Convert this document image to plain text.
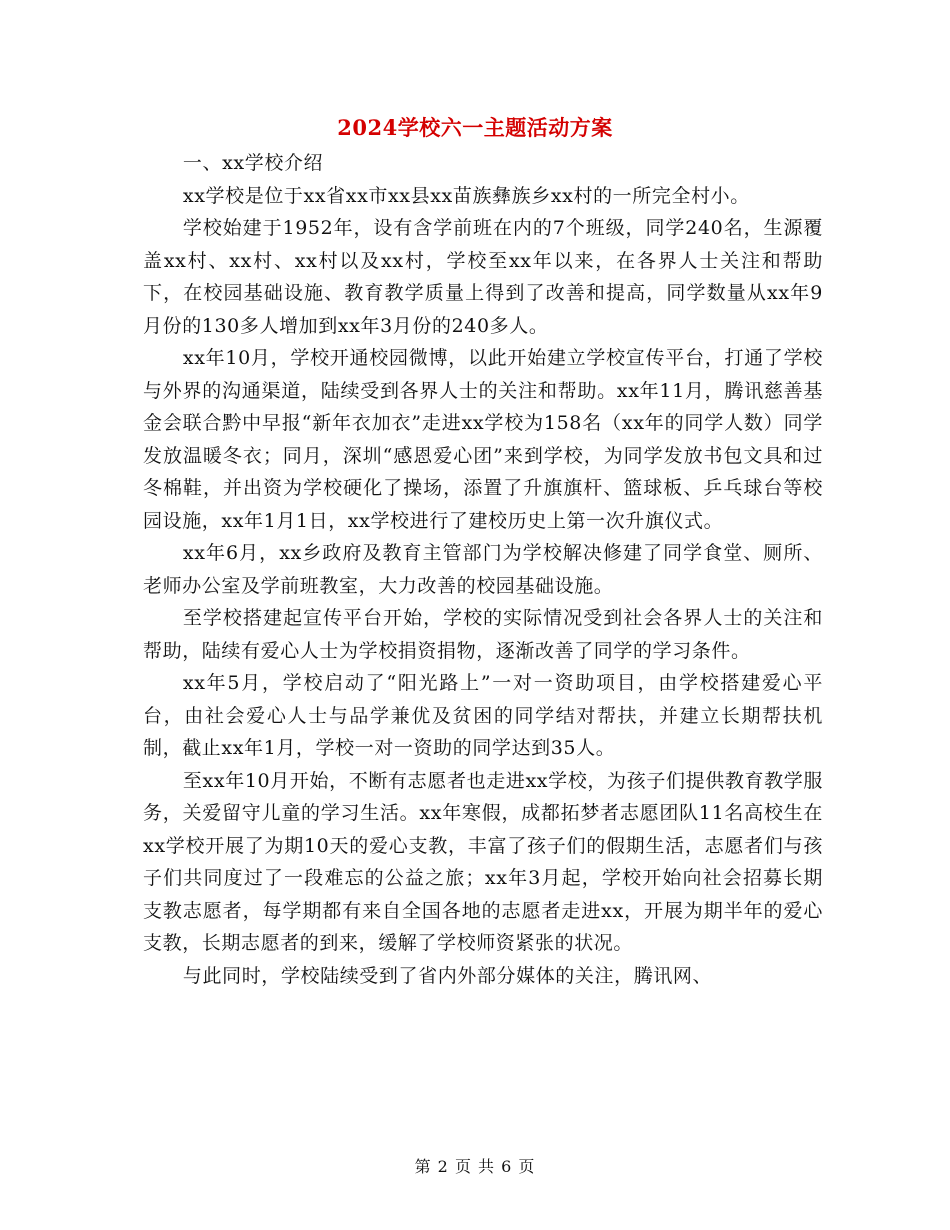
2024学校六一主题活动方案

一、xx学校介绍

xx学校是位于xx省xx市xx县xx苗族彝族乡xx村的一所完全村小。

学校始建于1952年，设有含学前班在内的7个班级，同学240名，生源覆盖xx村、xx村、xx村以及xx村，学校至xx年以来，在各界人士关注和帮助下，在校园基础设施、教育教学质量上得到了改善和提高，同学数量从xx年9月份的130多人增加到xx年3月份的240多人。

xx年10月，学校开通校园微博，以此开始建立学校宣传平台，打通了学校与外界的沟通渠道，陆续受到各界人士的关注和帮助。xx年11月，腾讯慈善基金会联合黔中早报“新年衣加衣”走进xx学校为158名（xx年的同学人数）同学发放温暖冬衣；同月，深圳“感恩爱心团”来到学校，为同学发放书包文具和过冬棉鞋，并出资为学校硬化了操场，添置了升旗旗杆、篮球板、乒乓球台等校园设施，xx年1月1日，xx学校进行了建校历史上第一次升旗仪式。

xx年6月，xx乡政府及教育主管部门为学校解决修建了同学食堂、厕所、老师办公室及学前班教室，大力改善的校园基础设施。

至学校搭建起宣传平台开始，学校的实际情况受到社会各界人士的关注和帮助，陆续有爱心人士为学校捐资捐物，逐渐改善了同学的学习条件。

xx年5月，学校启动了“阳光路上”一对一资助项目，由学校搭建爱心平台，由社会爱心人士与品学兼优及贫困的同学结对帮扶，并建立长期帮扶机制，截止xx年1月，学校一对一资助的同学达到35人。

至xx年10月开始，不断有志愿者也走进xx学校，为孩子们提供教育教学服务，关爱留守儿童的学习生活。xx年寒假，成都拓梦者志愿团队11名高校生在xx学校开展了为期10天的爱心支教，丰富了孩子们的假期生活，志愿者们与孩子们共同度过了一段难忘的公益之旅；xx年3月起，学校开始向社会招募长期支教志愿者，每学期都有来自全国各地的志愿者走进xx，开展为期半年的爱心支教，长期志愿者的到来，缓解了学校师资紧张的状况。

与此同时，学校陆续受到了省内外部分媒体的关注，腾讯网、

第 2 页 共 6 页
